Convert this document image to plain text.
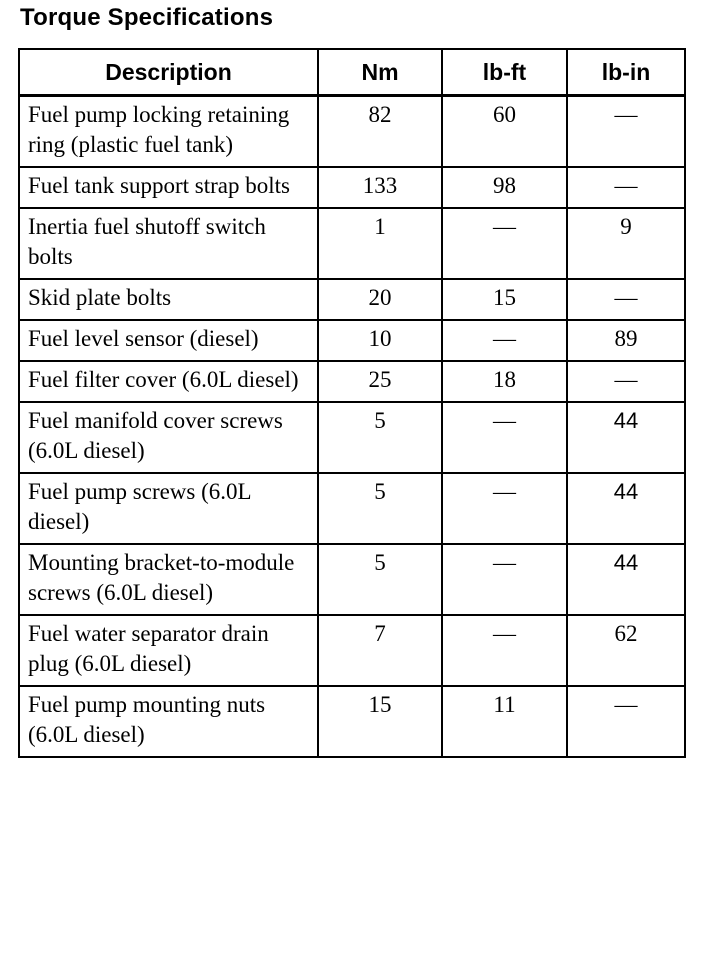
Torque Specifications
Description	Nm	lb-ft	lb-in
Fuel pump locking retaining ring (plastic fuel tank)	82	60	—
Fuel tank support strap bolts	133	98	—
Inertia fuel shutoff switch bolts	1	—	9
Skid plate bolts	20	15	—
Fuel level sensor (diesel)	10	—	89
Fuel filter cover (6.0L diesel)	25	18	—
Fuel manifold cover screws (6.0L diesel)	5	—	44
Fuel pump screws (6.0L diesel)	5	—	44
Mounting bracket-to-module screws (6.0L diesel)	5	—	44
Fuel water separator drain plug (6.0L diesel)	7	—	62
Fuel pump mounting nuts (6.0L diesel)	15	11	—
